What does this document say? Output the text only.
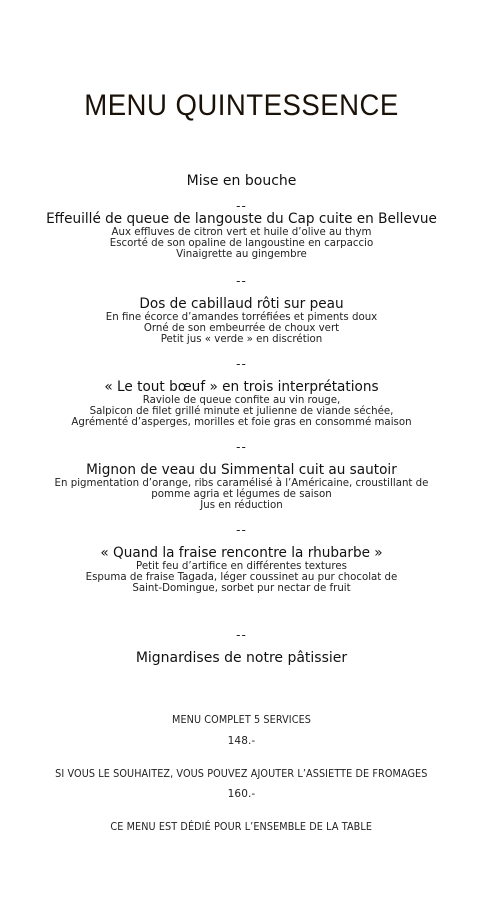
MENU QUINTESSENCE
Mise en bouche
--
Effeuillé de queue de langouste du Cap cuite en Bellevue
Aux effluves de citron vert et huile d’olive au thym
Escorté de son opaline de langoustine en carpaccio
Vinaigrette au gingembre
--
Dos de cabillaud rôti sur peau
En fine écorce d’amandes torréfiées et piments doux
Orné de son embeurrée de choux vert
Petit jus « verde » en discrétion
--
« Le tout bœuf » en trois interprétations
Raviole de queue confite au vin rouge,
Salpicon de filet grillé minute et julienne de viande séchée,
Agrémenté d’asperges, morilles et foie gras en consommé maison
--
Mignon de veau du Simmental cuit au sautoir
En pigmentation d’orange, ribs caramélisé à l’Américaine, croustillant de
pomme agria et légumes de saison
Jus en réduction
--
« Quand la fraise rencontre la rhubarbe »
Petit feu d’artifice en différentes textures
Espuma de fraise Tagada, léger coussinet au pur chocolat de
Saint-Domingue, sorbet pur nectar de fruit
--
Mignardises de notre pâtissier
MENU COMPLET 5 SERVICES
148.-
SI VOUS LE SOUHAITEZ, VOUS POUVEZ AJOUTER L’ASSIETTE DE FROMAGES
160.-
CE MENU EST DÉDIÉ POUR L’ENSEMBLE DE LA TABLE
